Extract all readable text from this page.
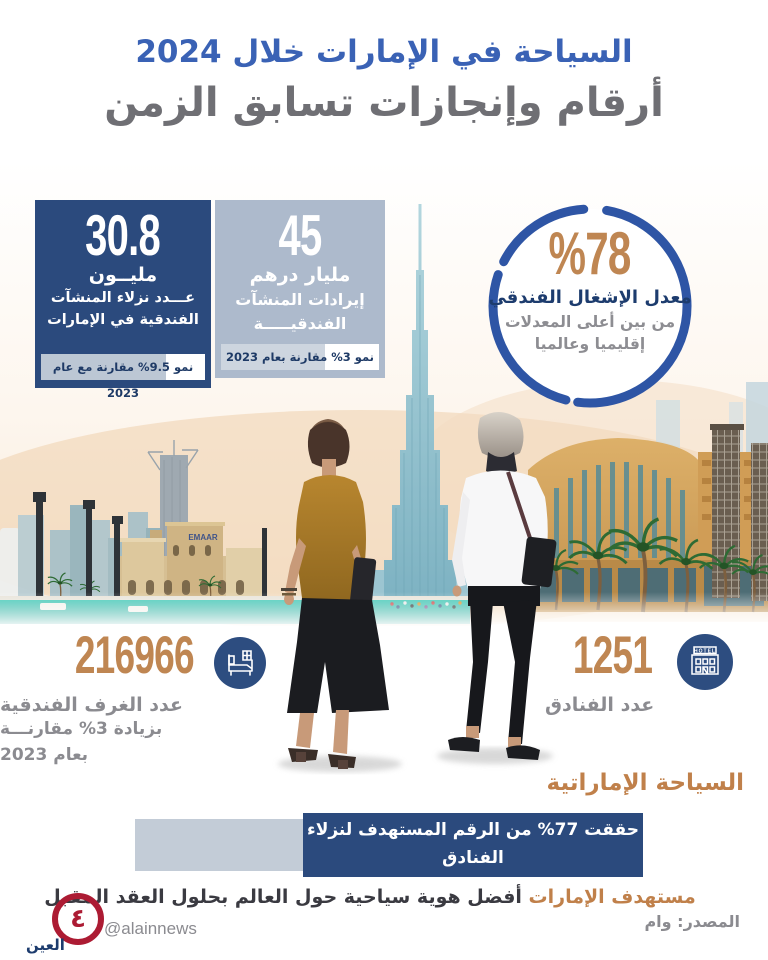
EMAAR
السياحة في الإمارات خلال 2024
أرقام وإنجازات تسابق الزمن
30.8
مليــون
عـــدد نزلاء المنشآت
الفندقية في الإمارات
نمو 9.5% مقارنة مع عام 2023
45
مليار درهم
إيرادات المنشآت
الفندقيـــــة
نمو 3% مقارنة بعام 2023
%78
معدل الإشغال الفندقي
من بين أعلى المعدلات
إقليميا وعالميا
216966
عدد الغرف الفندقية
بزيادة 3% مقارنـــة
بعام 2023
1251	HOTEL
عدد الفنادق
السياحة الإماراتية
حققت 77% من الرقم المستهدف لنزلاء الفنادق
الخاص بـ"الاستراتيجية الوطنية للسياحة 2031"
مستهدف الإمارات أفضل هوية سياحية حول العالم بحلول العقد المقبل
٤
العين
@alainnews	المصدر: وام
